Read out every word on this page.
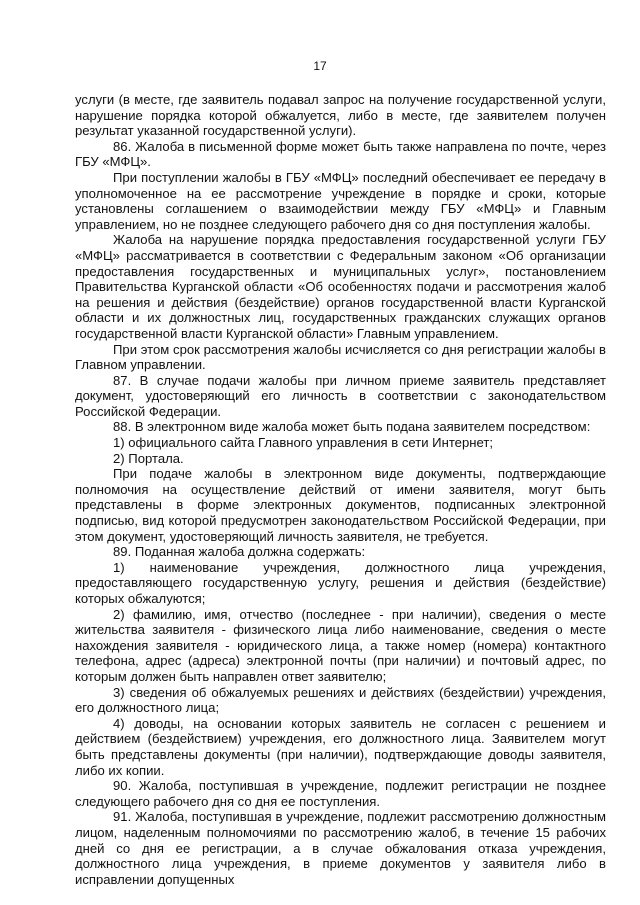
17

услуги (в месте, где заявитель подавал запрос на получение государственной услуги, нарушение порядка которой обжалуется, либо в месте, где заявителем получен результат указанной государственной услуги).

86. Жалоба в письменной форме может быть также направлена по почте, через ГБУ «МФЦ».

При поступлении жалобы в ГБУ «МФЦ» последний обеспечивает ее передачу в уполномоченное на ее рассмотрение учреждение в порядке и сроки, которые установлены соглашением о взаимодействии между ГБУ «МФЦ» и Главным управлением, но не позднее следующего рабочего дня со дня поступления жалобы.

Жалоба на нарушение порядка предоставления государственной услуги ГБУ «МФЦ» рассматривается в соответствии с Федеральным законом «Об организации предоставления государственных и муниципальных услуг», постановлением Правительства Курганской области «Об особенностях подачи и рассмотрения жалоб на решения и действия (бездействие) органов государственной власти Курганской области и их должностных лиц, государственных гражданских служащих органов государственной власти Курганской области» Главным управлением.

При этом срок рассмотрения жалобы исчисляется со дня регистрации жалобы в Главном управлении.

87. В случае подачи жалобы при личном приеме заявитель представляет документ, удостоверяющий его личность в соответствии с законодательством Российской Федерации.

88. В электронном виде жалоба может быть подана заявителем посредством:

1) официального сайта Главного управления в сети Интернет;

2) Портала.

При подаче жалобы в электронном виде документы, подтверждающие полномочия на осуществление действий от имени заявителя, могут быть представлены в форме электронных документов, подписанных электронной подписью, вид которой предусмотрен законодательством Российской Федерации, при этом документ, удостоверяющий личность заявителя, не требуется.

89. Поданная жалоба должна содержать:

1) наименование учреждения, должностного лица учреждения, предоставляющего государственную услугу, решения и действия (бездействие) которых обжалуются;

2) фамилию, имя, отчество (последнее - при наличии), сведения о месте жительства заявителя - физического лица либо наименование, сведения о месте нахождения заявителя - юридического лица, а также номер (номера) контактного телефона, адрес (адреса) электронной почты (при наличии) и почтовый адрес, по которым должен быть направлен ответ заявителю;

3) сведения об обжалуемых решениях и действиях (бездействии) учреждения, его должностного лица;

4) доводы, на основании которых заявитель не согласен с решением и действием (бездействием) учреждения, его должностного лица. Заявителем могут быть представлены документы (при наличии), подтверждающие доводы заявителя, либо их копии.

90. Жалоба, поступившая в учреждение, подлежит регистрации не позднее следующего рабочего дня со дня ее поступления.

91. Жалоба, поступившая в учреждение, подлежит рассмотрению должностным лицом, наделенным полномочиями по рассмотрению жалоб, в течение 15 рабочих дней со дня ее регистрации, а в случае обжалования отказа учреждения, должностного лица учреждения, в приеме документов у заявителя либо в исправлении допущенных
